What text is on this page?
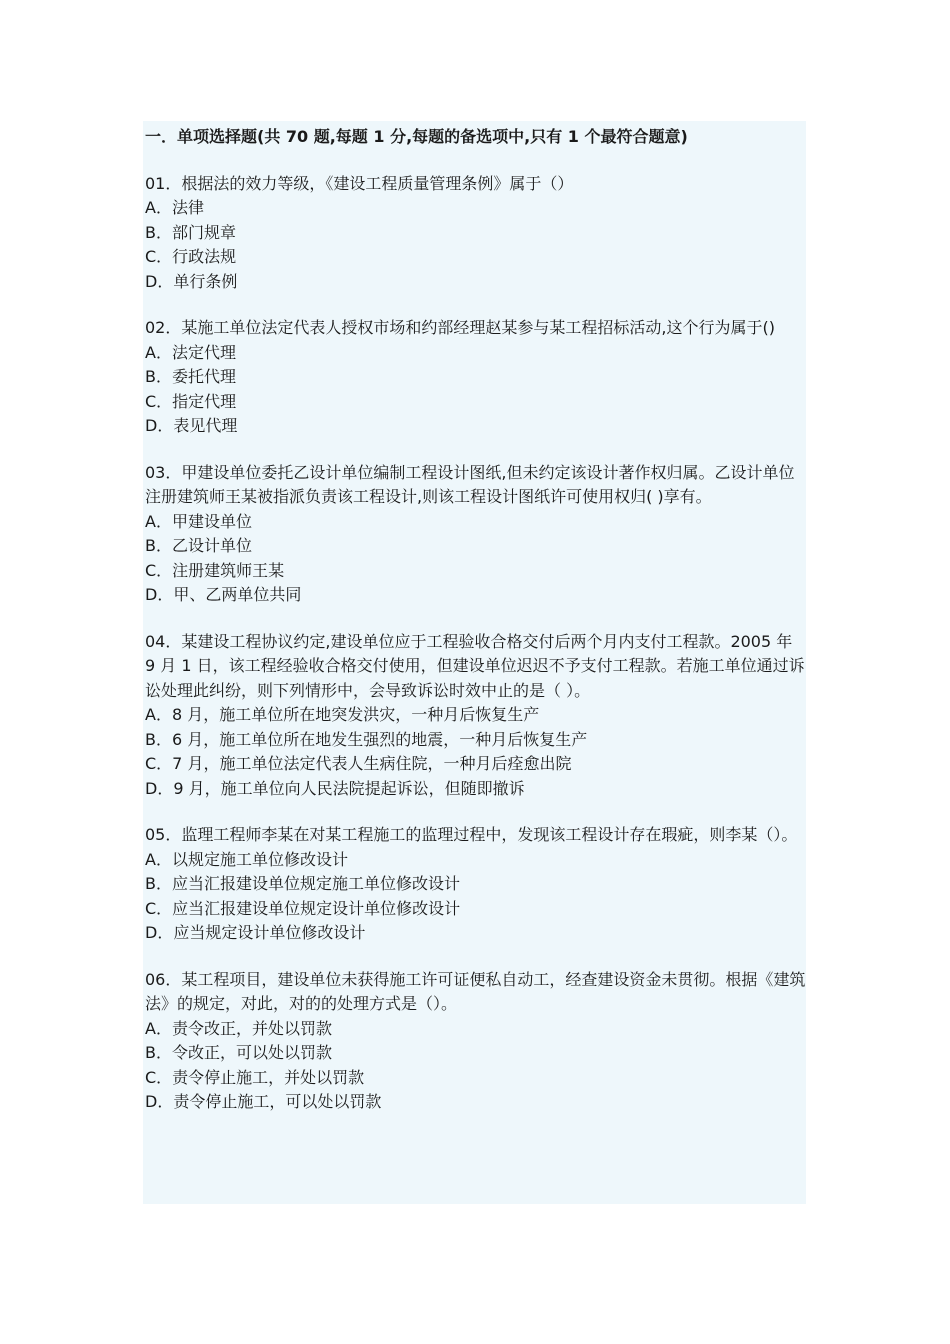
一．单项选择题(共 70 题,每题 1 分,每题的备选项中,只有 1 个最符合题意)

01．根据法的效力等级，《建设工程质量管理条例》属于（）

A．法律

B．部门规章

C．行政法规

D．单行条例

02．某施工单位法定代表人授权市场和约部经理赵某参与某工程招标活动,这个行为属于()

A．法定代理

B．委托代理

C．指定代理

D．表见代理

03．甲建设单位委托乙设计单位编制工程设计图纸,但未约定该设计著作权归属。乙设计单位注册建筑师王某被指派负责该工程设计,则该工程设计图纸许可使用权归( )享有。

A．甲建设单位

B．乙设计单位

C．注册建筑师王某

D．甲、乙两单位共同

04．某建设工程协议约定,建设单位应于工程验收合格交付后两个月内支付工程款。2005 年 9 月 1 日，该工程经验收合格交付使用，但建设单位迟迟不予支付工程款。若施工单位通过诉讼处理此纠纷，则下列情形中，会导致诉讼时效中止的是（ ）。

A．8 月，施工单位所在地突发洪灾，一种月后恢复生产

B．6 月，施工单位所在地发生强烈的地震，一种月后恢复生产

C．7 月，施工单位法定代表人生病住院，一种月后痊愈出院

D．9 月，施工单位向人民法院提起诉讼，但随即撤诉

05．监理工程师李某在对某工程施工的监理过程中，发现该工程设计存在瑕疵，则李某（）。

A．以规定施工单位修改设计

B．应当汇报建设单位规定施工单位修改设计

C．应当汇报建设单位规定设计单位修改设计

D．应当规定设计单位修改设计

06．某工程项目，建设单位未获得施工许可证便私自动工，经查建设资金未贯彻。根据《建筑法》的规定，对此，对的的处理方式是（）。

A．责令改正，并处以罚款

B．令改正，可以处以罚款

C．责令停止施工，并处以罚款

D．责令停止施工，可以处以罚款
